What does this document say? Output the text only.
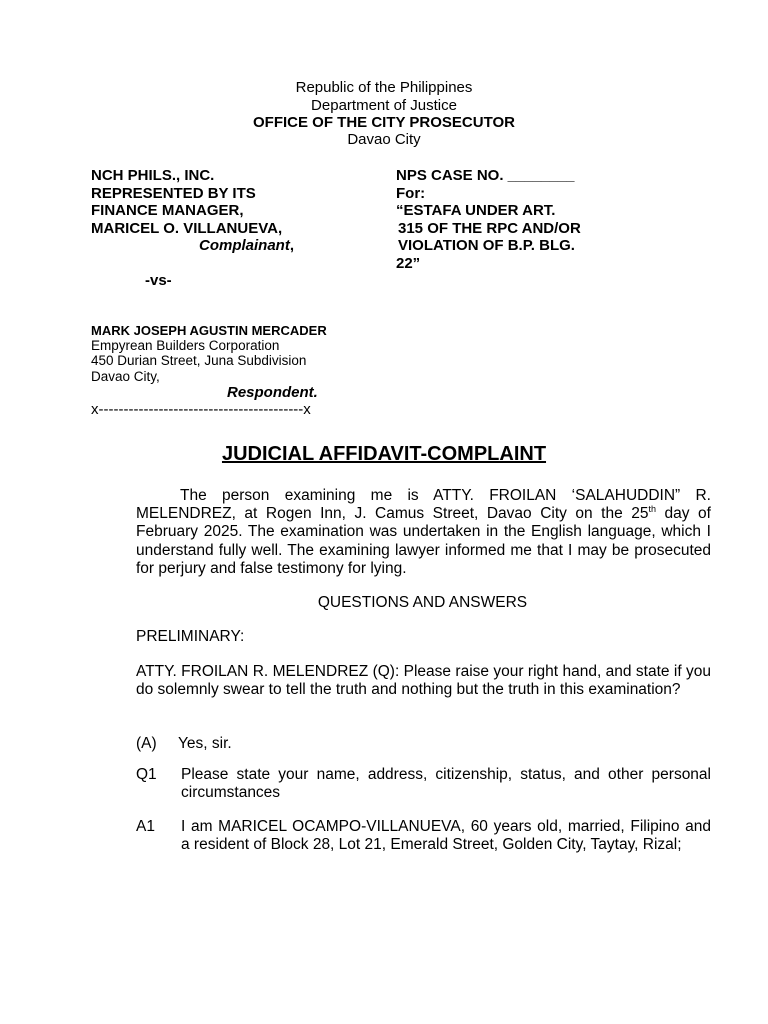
Republic of the Philippines
Department of Justice
OFFICE OF THE CITY PROSECUTOR
Davao City
NCH PHILS., INC.
REPRESENTED BY ITS
FINANCE MANAGER,
MARICEL O. VILLANUEVA,
Complainant,
NPS CASE NO. ________
For:
“ESTAFA UNDER ART.
315 OF THE RPC AND/OR
VIOLATION OF B.P. BLG.
22”
-vs-
MARK JOSEPH AGUSTIN MERCADER
Empyrean Builders Corporation
450 Durian Street, Juna Subdivision
Davao City,
Respondent.
x-----------------------------------------x
JUDICIAL AFFIDAVIT-COMPLAINT
The person examining me is ATTY. FROILAN ‘SALAHUDDIN” R. MELENDREZ, at Rogen Inn, J. Camus Street, Davao City on the 25th day of February 2025. The examination was undertaken in the English language, which I understand fully well. The examining lawyer informed me that I may be prosecuted for perjury and false testimony for lying.
QUESTIONS AND ANSWERS
PRELIMINARY:
ATTY. FROILAN R. MELENDREZ (Q): Please raise your right hand, and state if you do solemnly swear to tell the truth and nothing but the truth in this examination?
(A) Yes, sir.
Q1 Please state your name, address, citizenship, status, and other personal circumstances
A1 I am MARICEL OCAMPO-VILLANUEVA, 60 years old, married, Filipino and a resident of Block 28, Lot 21, Emerald Street, Golden City, Taytay, Rizal;
